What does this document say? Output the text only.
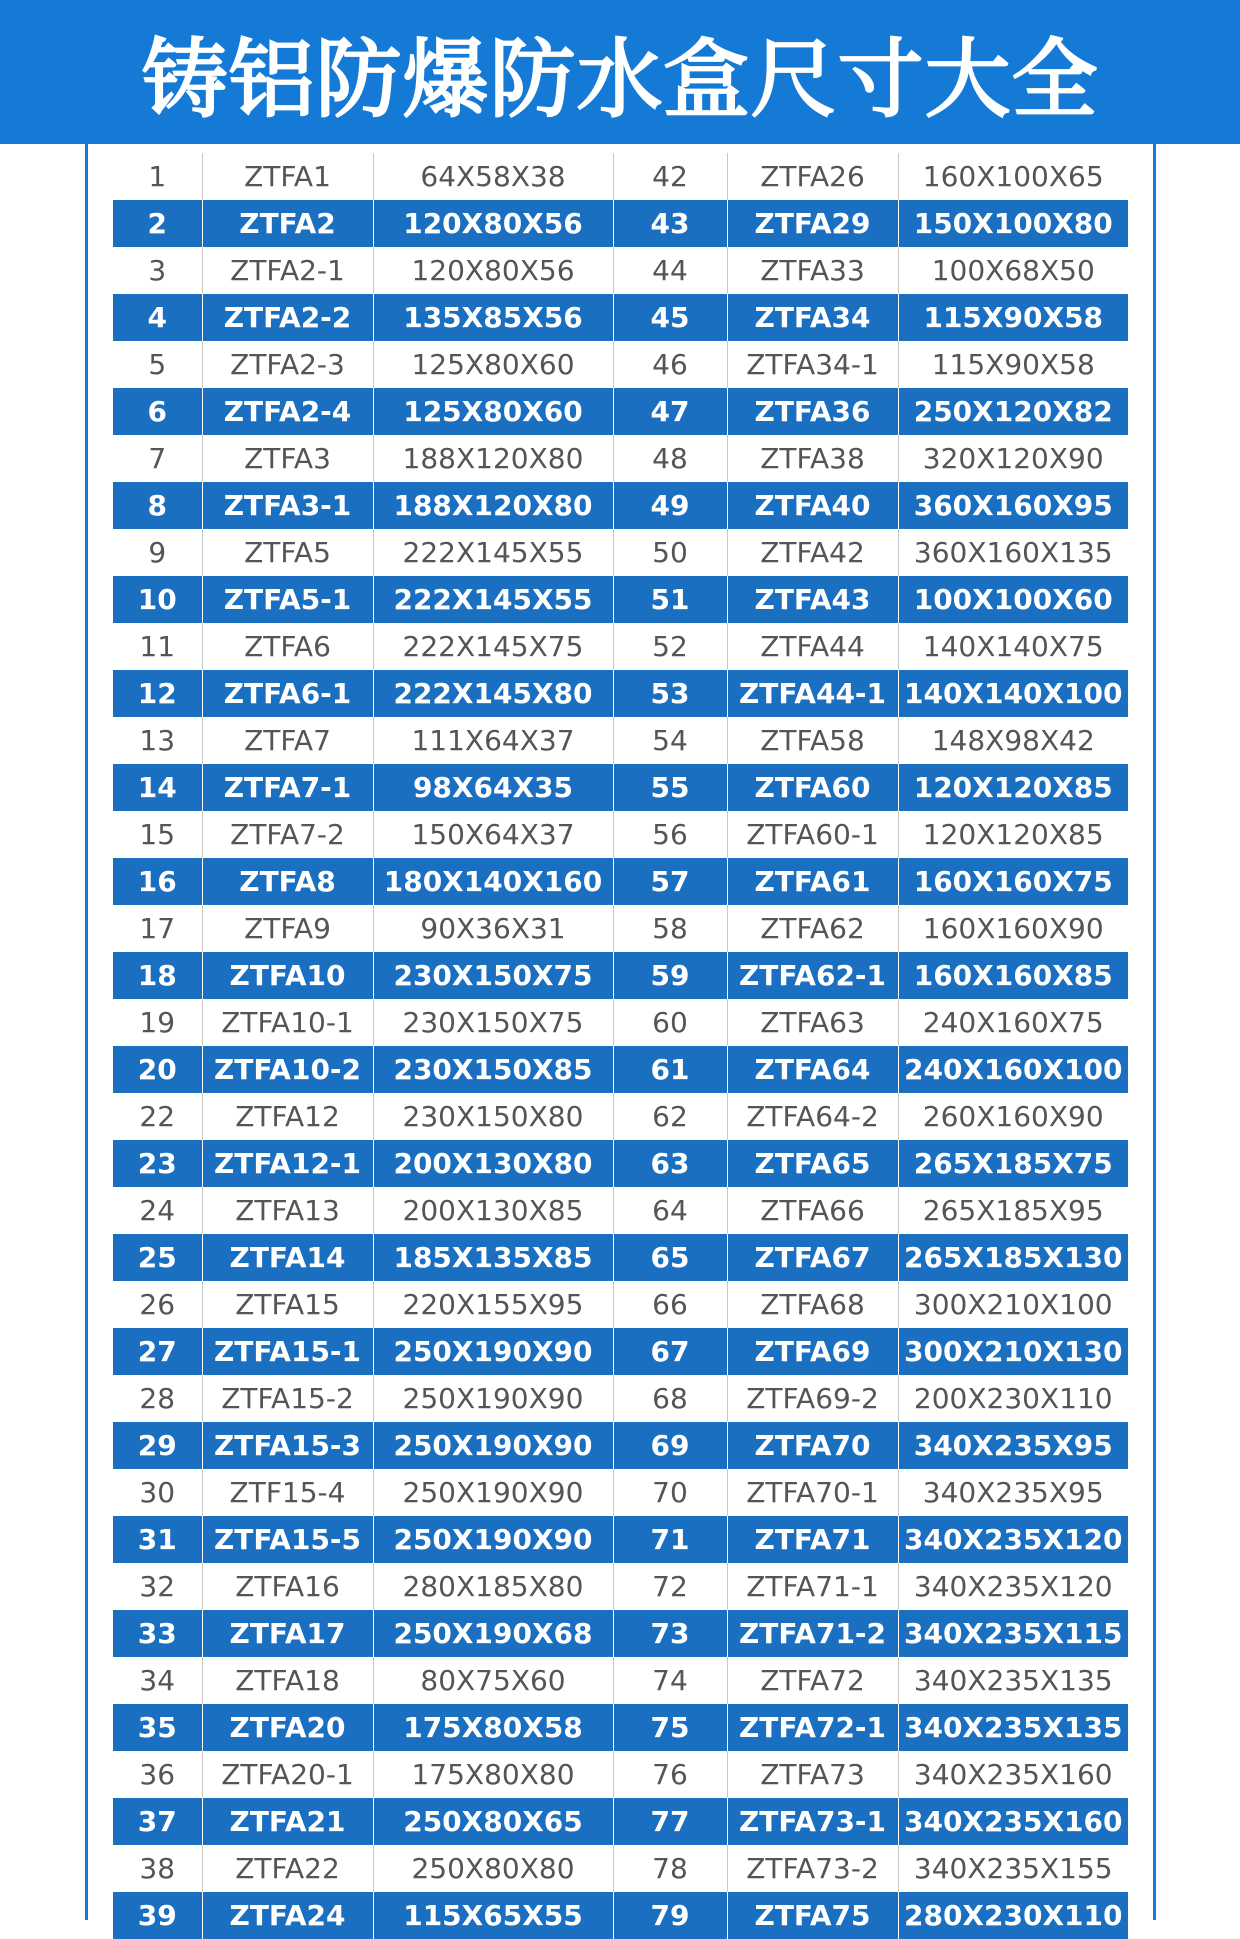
铸铝防爆防水盒尺寸大全
1	ZTFA1	64X58X38	42	ZTFA26	160X100X65
2	ZTFA2	120X80X56	43	ZTFA29	150X100X80
3	ZTFA2-1	120X80X56	44	ZTFA33	100X68X50
4	ZTFA2-2	135X85X56	45	ZTFA34	115X90X58
5	ZTFA2-3	125X80X60	46	ZTFA34-1	115X90X58
6	ZTFA2-4	125X80X60	47	ZTFA36	250X120X82
7	ZTFA3	188X120X80	48	ZTFA38	320X120X90
8	ZTFA3-1	188X120X80	49	ZTFA40	360X160X95
9	ZTFA5	222X145X55	50	ZTFA42	360X160X135
10	ZTFA5-1	222X145X55	51	ZTFA43	100X100X60
11	ZTFA6	222X145X75	52	ZTFA44	140X140X75
12	ZTFA6-1	222X145X80	53	ZTFA44-1	140X140X100
13	ZTFA7	111X64X37	54	ZTFA58	148X98X42
14	ZTFA7-1	98X64X35	55	ZTFA60	120X120X85
15	ZTFA7-2	150X64X37	56	ZTFA60-1	120X120X85
16	ZTFA8	180X140X160	57	ZTFA61	160X160X75
17	ZTFA9	90X36X31	58	ZTFA62	160X160X90
18	ZTFA10	230X150X75	59	ZTFA62-1	160X160X85
19	ZTFA10-1	230X150X75	60	ZTFA63	240X160X75
20	ZTFA10-2	230X150X85	61	ZTFA64	240X160X100
22	ZTFA12	230X150X80	62	ZTFA64-2	260X160X90
23	ZTFA12-1	200X130X80	63	ZTFA65	265X185X75
24	ZTFA13	200X130X85	64	ZTFA66	265X185X95
25	ZTFA14	185X135X85	65	ZTFA67	265X185X130
26	ZTFA15	220X155X95	66	ZTFA68	300X210X100
27	ZTFA15-1	250X190X90	67	ZTFA69	300X210X130
28	ZTFA15-2	250X190X90	68	ZTFA69-2	200X230X110
29	ZTFA15-3	250X190X90	69	ZTFA70	340X235X95
30	ZTF15-4	250X190X90	70	ZTFA70-1	340X235X95
31	ZTFA15-5	250X190X90	71	ZTFA71	340X235X120
32	ZTFA16	280X185X80	72	ZTFA71-1	340X235X120
33	ZTFA17	250X190X68	73	ZTFA71-2	340X235X115
34	ZTFA18	80X75X60	74	ZTFA72	340X235X135
35	ZTFA20	175X80X58	75	ZTFA72-1	340X235X135
36	ZTFA20-1	175X80X80	76	ZTFA73	340X235X160
37	ZTFA21	250X80X65	77	ZTFA73-1	340X235X160
38	ZTFA22	250X80X80	78	ZTFA73-2	340X235X155
39	ZTFA24	115X65X55	79	ZTFA75	280X230X110
